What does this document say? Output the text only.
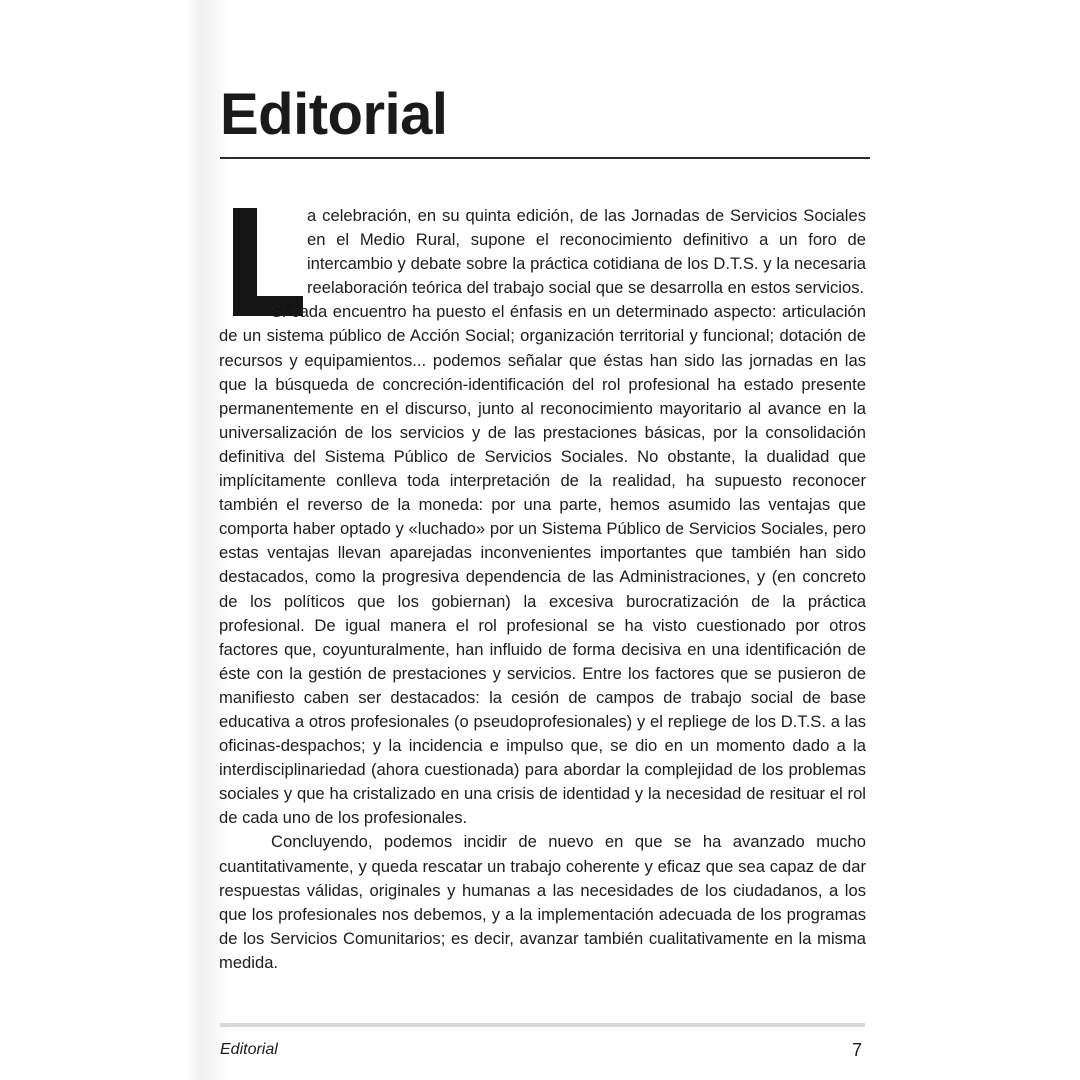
Editorial

a celebración, en su quinta edición, de las Jornadas de Servicios Sociales en el Medio Rural, supone el reconocimiento definitivo a un foro de intercambio y debate sobre la práctica cotidiana de los D.T.S. y la necesaria reelaboración teórica del trabajo social que se desarrolla en estos servicios.

Si cada encuentro ha puesto el énfasis en un determinado aspecto: articulación de un sistema público de Acción Social; organización territorial y funcional; dotación de recursos y equipamientos... podemos señalar que éstas han sido las jornadas en las que la búsqueda de concreción-identificación del rol profesional ha estado presente permanentemente en el discurso, junto al reconocimiento mayoritario al avance en la universalización de los servicios y de las prestaciones básicas, por la consolidación definitiva del Sistema Público de Servicios Sociales. No obstante, la dualidad que implícitamente conlleva toda interpretación de la realidad, ha supuesto reconocer también el reverso de la moneda: por una parte, hemos asumido las ventajas que comporta haber optado y «luchado» por un Sistema Público de Servicios Sociales, pero estas ventajas llevan aparejadas inconvenientes importantes que también han sido destacados, como la progresiva dependencia de las Administraciones, y (en concreto de los políticos que los gobiernan) la excesiva burocratización de la práctica profesional. De igual manera el rol profesional se ha visto cuestionado por otros factores que, coyunturalmente, han influido de forma decisiva en una identificación de éste con la gestión de prestaciones y servicios. Entre los factores que se pusieron de manifiesto caben ser destacados: la cesión de campos de trabajo social de base educativa a otros profesionales (o pseudoprofesionales) y el repliege de los D.T.S. a las oficinas-despachos; y la incidencia e impulso que, se dio en un momento dado a la interdisciplinariedad (ahora cuestionada) para abordar la complejidad de los problemas sociales y que ha cristalizado en una crisis de identidad y la necesidad de resituar el rol de cada uno de los profesionales.

Concluyendo, podemos incidir de nuevo en que se ha avanzado mucho cuantitativamente, y queda rescatar un trabajo coherente y eficaz que sea capaz de dar respuestas válidas, originales y humanas a las necesidades de los ciudadanos, a los que los profesionales nos debemos, y a la implementación adecuada de los programas de los Servicios Comunitarios; es decir, avanzar también cualitativamente en la misma medida.

Editorial	7
